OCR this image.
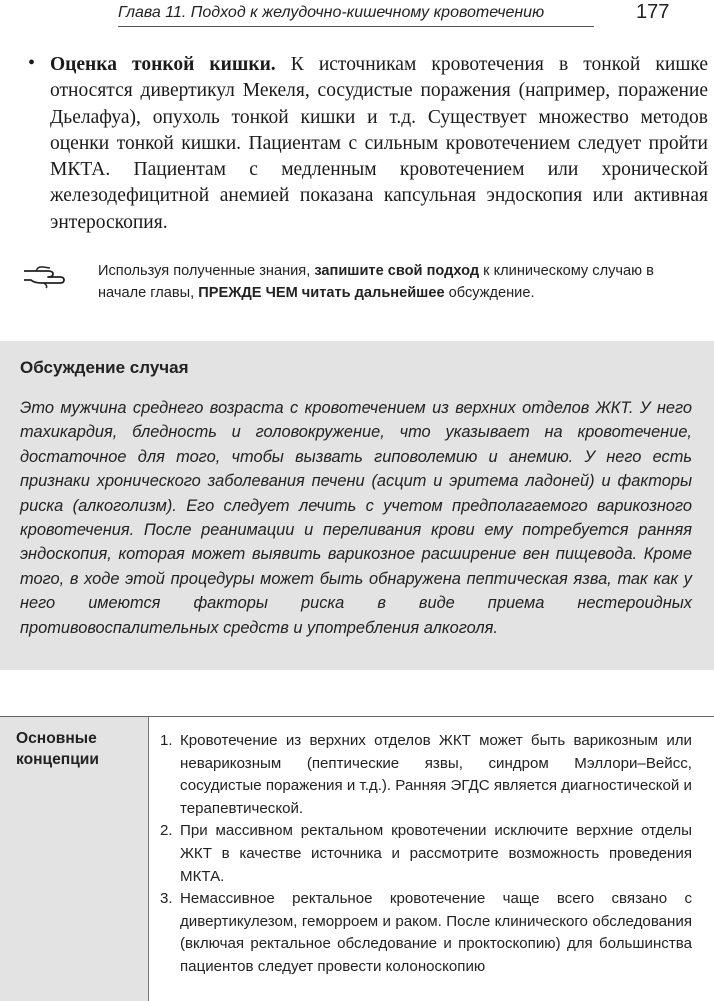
Глава 11. Подход к желудочно-кишечному кровотечению	177
• Оценка тонкой кишки. К источникам кровотечения в тонкой кишке относятся дивертикул Мекеля, сосудистые поражения (например, поражение Дьелафуа), опухоль тонкой кишки и т.д. Существует множество методов оценки тонкой кишки. Пациентам с сильным кровотечением следует пройти МКТА. Пациентам с медленным кровотечением или хронической железодефицитной анемией показана капсульная эндоскопия или активная энтероскопия.

Используя полученные знания, запишите свой подход к клиническому случаю в начале главы, ПРЕЖДЕ ЧЕМ читать дальнейшее обсуждение.

Обсуждение случая

Это мужчина среднего возраста с кровотечением из верхних отделов ЖКТ. У него тахикардия, бледность и головокружение, что указывает на кровотечение, достаточное для того, чтобы вызвать гиповолемию и анемию. У него есть признаки хронического заболевания печени (асцит и эритема ладоней) и факторы риска (алкоголизм). Его следует лечить с учетом предполагаемого варикозного кровотечения. После реанимации и переливания крови ему потребуется ранняя эндоскопия, которая может выявить варикозное расширение вен пищевода. Кроме того, в ходе этой процедуры может быть обнаружена пептическая язва, так как у него имеются факторы риска в виде приема нестероидных противовоспалительных средств и употребления алкоголя.

Основные концепции

1. Кровотечение из верхних отделов ЖКТ может быть варикозным или неварикозным (пептические язвы, синдром Мэллори–Вейсс, сосудистые поражения и т.д.). Ранняя ЭГДС является диагностической и терапевтической.
2. При массивном ректальном кровотечении исключите верхние отделы ЖКТ в качестве источника и рассмотрите возможность проведения МКТА.
3. Немассивное ректальное кровотечение чаще всего связано с дивертикулезом, геморроем и раком. После клинического обследования (включая ректальное обследование и проктоскопию) для большинства пациентов следует провести колоноскопию
